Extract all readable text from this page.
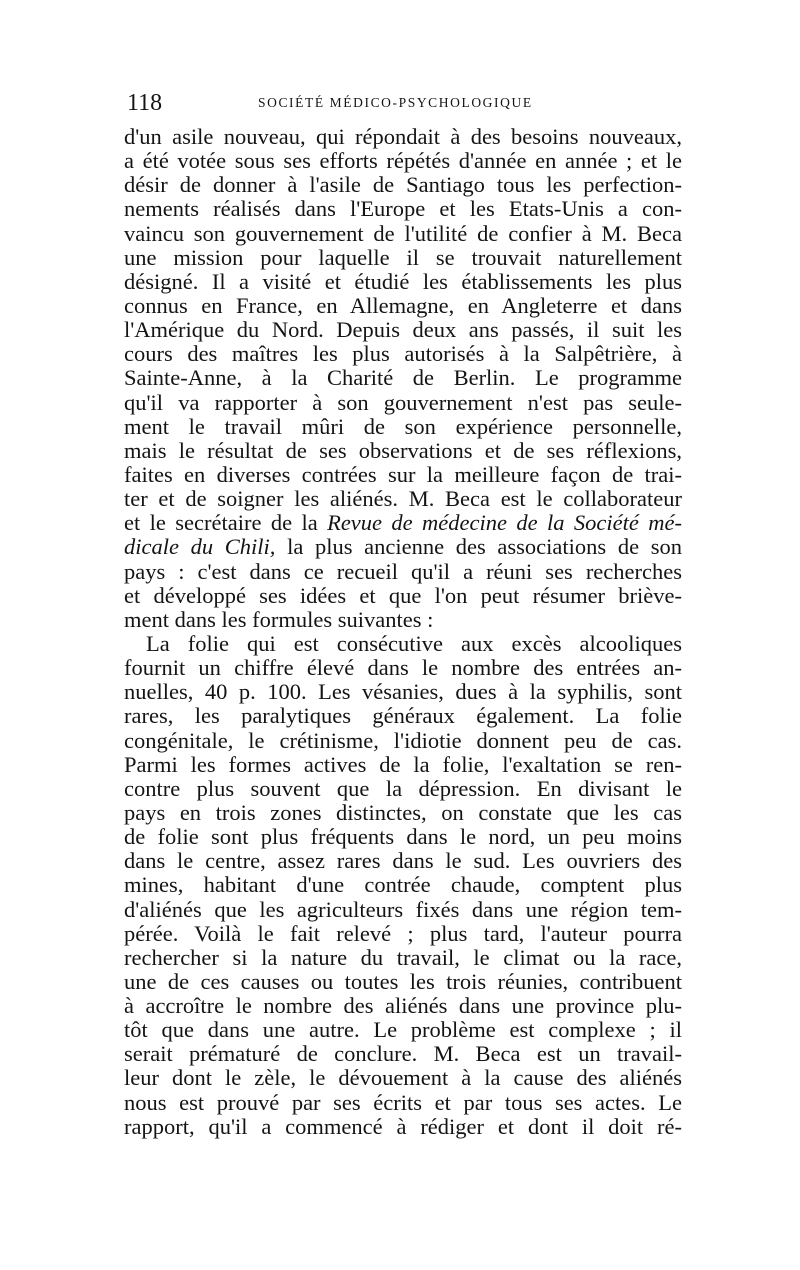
118	SOCIÉTÉ MÉDICO-PSYCHOLOGIQUE
d'un asile nouveau, qui répondait à des besoins nouveaux,
a été votée sous ses efforts répétés d'année en année ; et le
désir de donner à l'asile de Santiago tous les perfection-
nements réalisés dans l'Europe et les Etats-Unis a con-
vaincu son gouvernement de l'utilité de confier à M. Beca
une mission pour laquelle il se trouvait naturellement
désigné. Il a visité et étudié les établissements les plus
connus en France, en Allemagne, en Angleterre et dans
l'Amérique du Nord. Depuis deux ans passés, il suit les
cours des maîtres les plus autorisés à la Salpêtrière, à
Sainte-Anne, à la Charité de Berlin. Le programme
qu'il va rapporter à son gouvernement n'est pas seule-
ment le travail mûri de son expérience personnelle,
mais le résultat de ses observations et de ses réflexions,
faites en diverses contrées sur la meilleure façon de trai-
ter et de soigner les aliénés. M. Beca est le collaborateur
et le secrétaire de la Revue de médecine de la Société mé-
dicale du Chili, la plus ancienne des associations de son
pays : c'est dans ce recueil qu'il a réuni ses recherches
et développé ses idées et que l'on peut résumer briève-
ment dans les formules suivantes :
La folie qui est consécutive aux excès alcooliques
fournit un chiffre élevé dans le nombre des entrées an-
nuelles, 40 p. 100. Les vésanies, dues à la syphilis, sont
rares, les paralytiques généraux également. La folie
congénitale, le crétinisme, l'idiotie donnent peu de cas.
Parmi les formes actives de la folie, l'exaltation se ren-
contre plus souvent que la dépression. En divisant le
pays en trois zones distinctes, on constate que les cas
de folie sont plus fréquents dans le nord, un peu moins
dans le centre, assez rares dans le sud. Les ouvriers des
mines, habitant d'une contrée chaude, comptent plus
d'aliénés que les agriculteurs fixés dans une région tem-
pérée. Voilà le fait relevé ; plus tard, l'auteur pourra
rechercher si la nature du travail, le climat ou la race,
une de ces causes ou toutes les trois réunies, contribuent
à accroître le nombre des aliénés dans une province plu-
tôt que dans une autre. Le problème est complexe ; il
serait prématuré de conclure. M. Beca est un travail-
leur dont le zèle, le dévouement à la cause des aliénés
nous est prouvé par ses écrits et par tous ses actes. Le
rapport, qu'il a commencé à rédiger et dont il doit ré-
